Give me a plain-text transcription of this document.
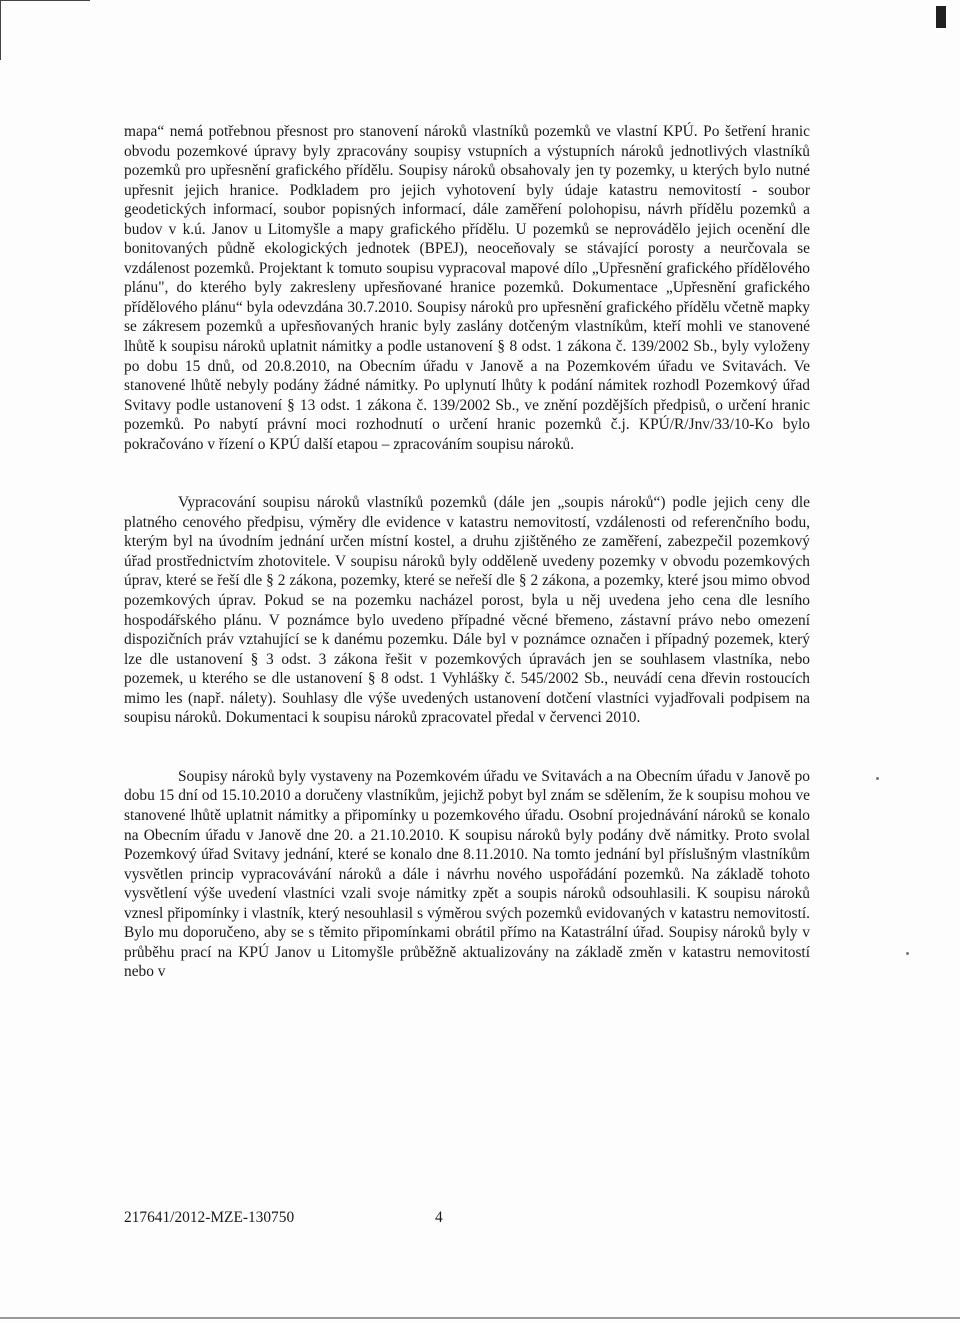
mapa“ nemá potřebnou přesnost pro stanovení nároků vlastníků pozemků ve vlastní KPÚ. Po šetření hranic obvodu pozemkové úpravy byly zpracovány soupisy vstupních a výstupních nároků jednotlivých vlastníků pozemků pro upřesnění grafického přídělu. Soupisy nároků obsahovaly jen ty pozemky, u kterých bylo nutné upřesnit jejich hranice. Podkladem pro jejich vyhotovení byly údaje katastru nemovitostí - soubor geodetických informací, soubor popisných informací, dále zaměření polohopisu, návrh přídělu pozemků a budov v k.ú. Janov u Litomyšle a mapy grafického přídělu. U pozemků se neprovádělo jejich ocenění dle bonitovaných půdně ekologických jednotek (BPEJ), neoceňovaly se stávající porosty a neurčovala se vzdálenost pozemků. Projektant k tomuto soupisu vypracoval mapové dílo „Upřesnění grafického přídělového plánu", do kterého byly zakresleny upřesňované hranice pozemků. Dokumentace „Upřesnění grafického přídělového plánu“ byla odevzdána 30.7.2010. Soupisy nároků pro upřesnění grafického přídělu včetně mapky se zákresem pozemků a upřesňovaných hranic byly zaslány dotčeným vlastníkům, kteří mohli ve stanovené lhůtě k soupisu nároků uplatnit námitky a podle ustanovení § 8 odst. 1 zákona č. 139/2002 Sb., byly vyloženy po dobu 15 dnů, od 20.8.2010, na Obecním úřadu v Janově a na Pozemkovém úřadu ve Svitavách. Ve stanovené lhůtě nebyly podány žádné námitky. Po uplynutí lhůty k podání námitek rozhodl Pozemkový úřad Svitavy podle ustanovení § 13 odst. 1 zákona č. 139/2002 Sb., ve znění pozdějších předpisů, o určení hranic pozemků. Po nabytí právní moci rozhodnutí o určení hranic pozemků č.j. KPÚ/R/Jnv/33/10-Ko bylo pokračováno v řízení o KPÚ další etapou – zpracováním soupisu nároků.

Vypracování soupisu nároků vlastníků pozemků (dále jen „soupis nároků“) podle jejich ceny dle platného cenového předpisu, výměry dle evidence v katastru nemovitostí, vzdálenosti od referenčního bodu, kterým byl na úvodním jednání určen místní kostel, a druhu zjištěného ze zaměření, zabezpečil pozemkový úřad prostřednictvím zhotovitele. V soupisu nároků byly odděleně uvedeny pozemky v obvodu pozemkových úprav, které se řeší dle § 2 zákona, pozemky, které se neřeší dle § 2 zákona, a pozemky, které jsou mimo obvod pozemkových úprav. Pokud se na pozemku nacházel porost, byla u něj uvedena jeho cena dle lesního hospodářského plánu. V poznámce bylo uvedeno případné věcné břemeno, zástavní právo nebo omezení dispozičních práv vztahující se k danému pozemku. Dále byl v poznámce označen i případný pozemek, který lze dle ustanovení § 3 odst. 3 zákona řešit v pozemkových úpravách jen se souhlasem vlastníka, nebo pozemek, u kterého se dle ustanovení § 8 odst. 1 Vyhlášky č. 545/2002 Sb., neuvádí cena dřevin rostoucích mimo les (např. nálety). Souhlasy dle výše uvedených ustanovení dotčení vlastníci vyjadřovali podpisem na soupisu nároků. Dokumentaci k soupisu nároků zpracovatel předal v červenci 2010.

Soupisy nároků byly vystaveny na Pozemkovém úřadu ve Svitavách a na Obecním úřadu v Janově po dobu 15 dní od 15.10.2010 a doručeny vlastníkům, jejichž pobyt byl znám se sdělením, že k soupisu mohou ve stanovené lhůtě uplatnit námitky a připomínky u pozemkového úřadu. Osobní projednávání nároků se konalo na Obecním úřadu v Janově dne 20. a 21.10.2010. K soupisu nároků byly podány dvě námitky. Proto svolal Pozemkový úřad Svitavy jednání, které se konalo dne 8.11.2010. Na tomto jednání byl příslušným vlastníkům vysvětlen princip vypracovávání nároků a dále i návrhu nového uspořádání pozemků. Na základě tohoto vysvětlení výše uvedení vlastníci vzali svoje námitky zpět a soupis nároků odsouhlasili. K soupisu nároků vznesl připomínky i vlastník, který nesouhlasil s výměrou svých pozemků evidovaných v katastru nemovitostí. Bylo mu doporučeno, aby se s těmito připomínkami obrátil přímo na Katastrální úřad. Soupisy nároků byly v průběhu prací na KPÚ Janov u Litomyšle průběžně aktualizovány na základě změn v katastru nemovitostí nebo v

217641/2012-MZE-130750	4
